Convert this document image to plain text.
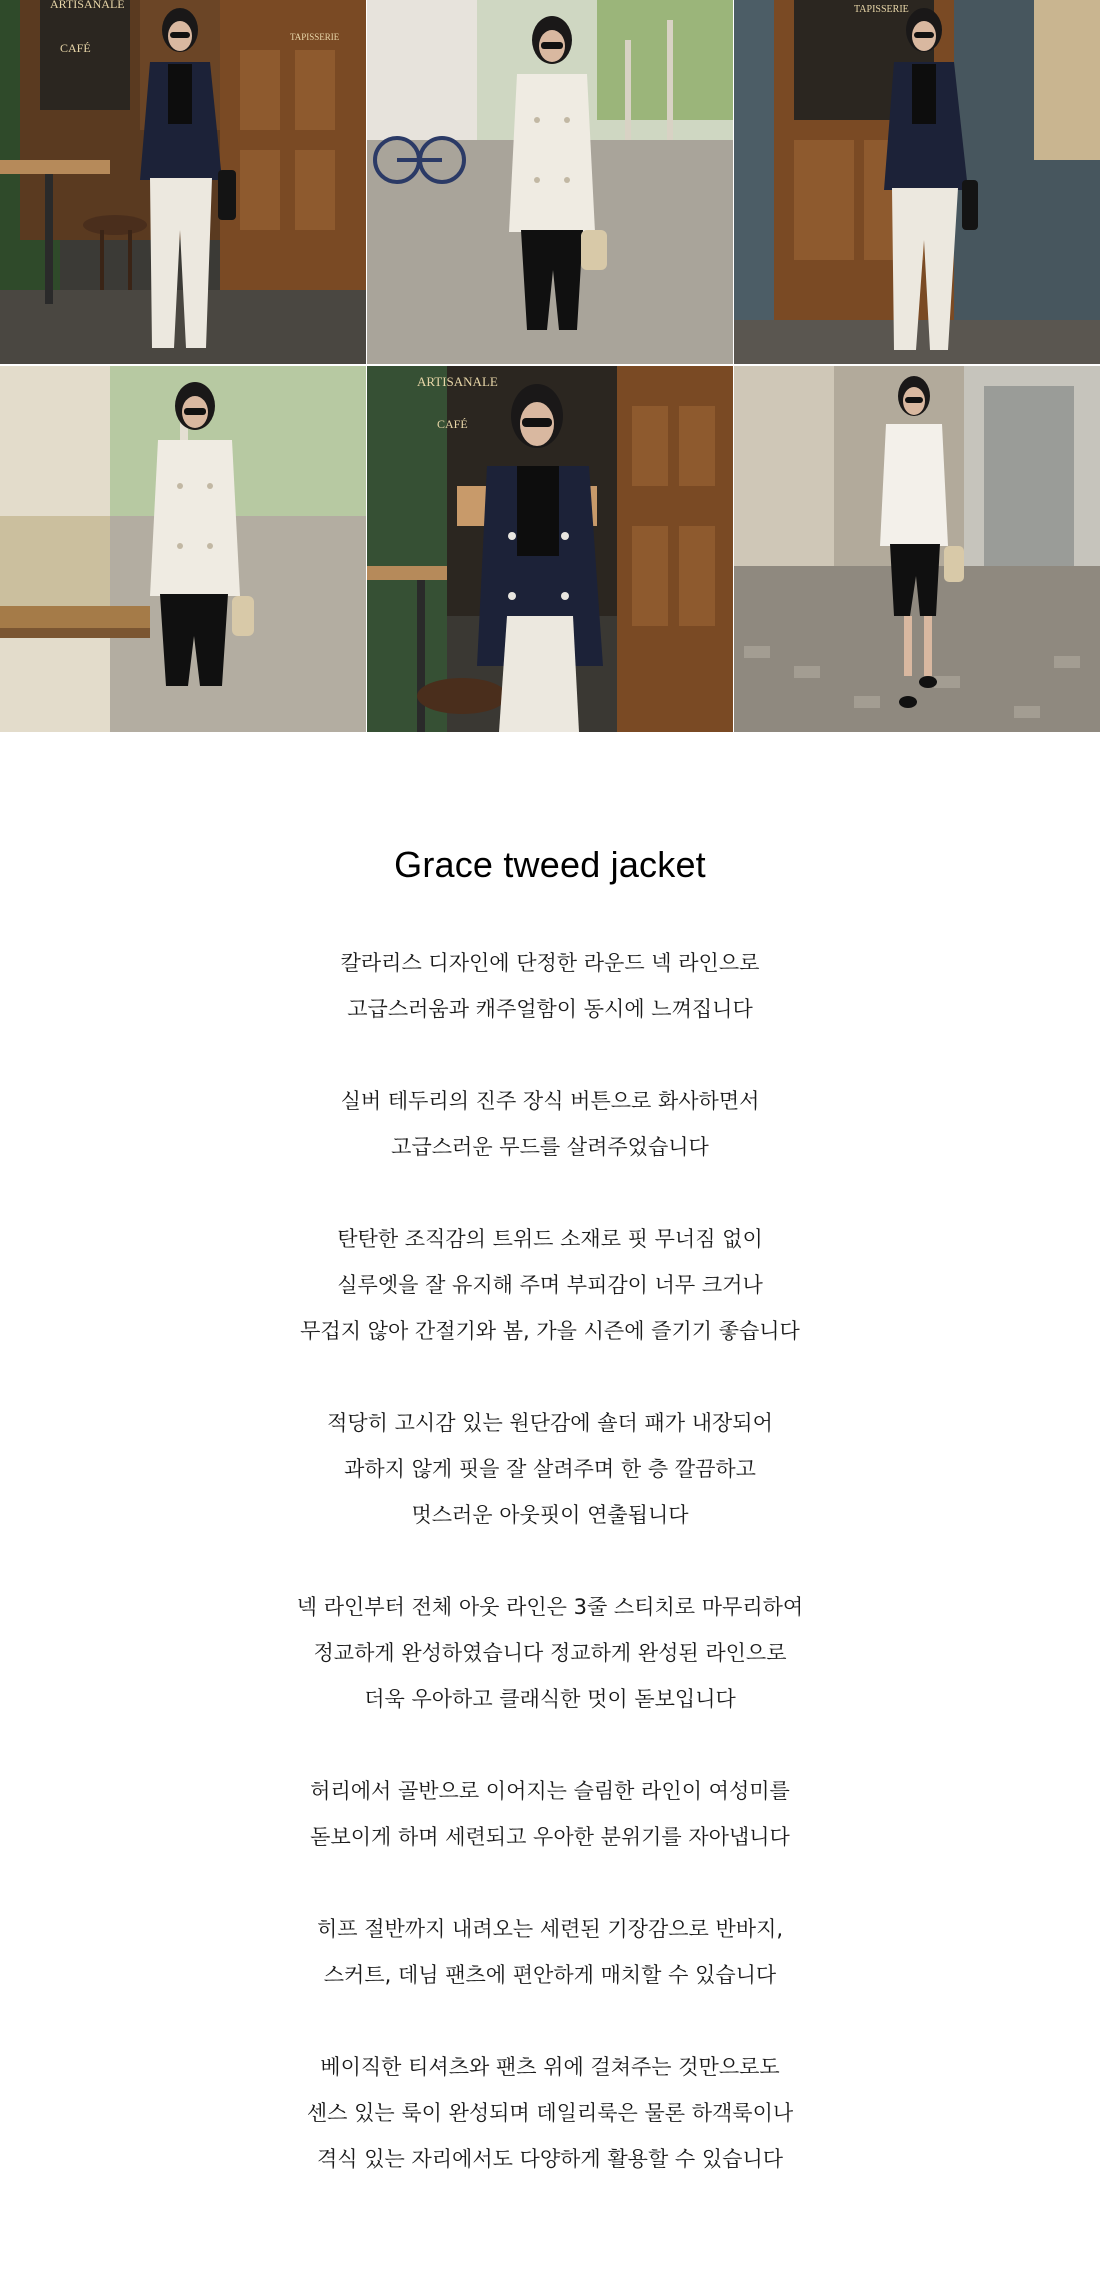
ARTISANALE
CAFÉ
TAPISSERIE
TAPISSERIE
ARTISANALE
CAFÉ
Grace tweed jacket
칼라리스 디자인에 단정한 라운드 넥 라인으로
고급스러움과 캐주얼함이 동시에 느껴집니다
실버 테두리의 진주 장식 버튼으로 화사하면서
고급스러운 무드를 살려주었습니다
탄탄한 조직감의 트위드 소재로 핏 무너짐 없이
실루엣을 잘 유지해 주며 부피감이 너무 크거나
무겁지 않아 간절기와 봄, 가을 시즌에 즐기기 좋습니다
적당히 고시감 있는 원단감에 숄더 패가 내장되어
과하지 않게 핏을 잘 살려주며 한 층 깔끔하고
멋스러운 아웃핏이 연출됩니다
넥 라인부터 전체 아웃 라인은 3줄 스티치로 마무리하여
정교하게 완성하였습니다 정교하게 완성된 라인으로
더욱 우아하고 클래식한 멋이 돋보입니다
허리에서 골반으로 이어지는 슬림한 라인이 여성미를
돋보이게 하며 세련되고 우아한 분위기를 자아냅니다
히프 절반까지 내려오는 세련된 기장감으로 반바지,
스커트, 데님 팬츠에 편안하게 매치할 수 있습니다
베이직한 티셔츠와 팬츠 위에 걸쳐주는 것만으로도
센스 있는 룩이 완성되며 데일리룩은 물론 하객룩이나
격식 있는 자리에서도 다양하게 활용할 수 있습니다
